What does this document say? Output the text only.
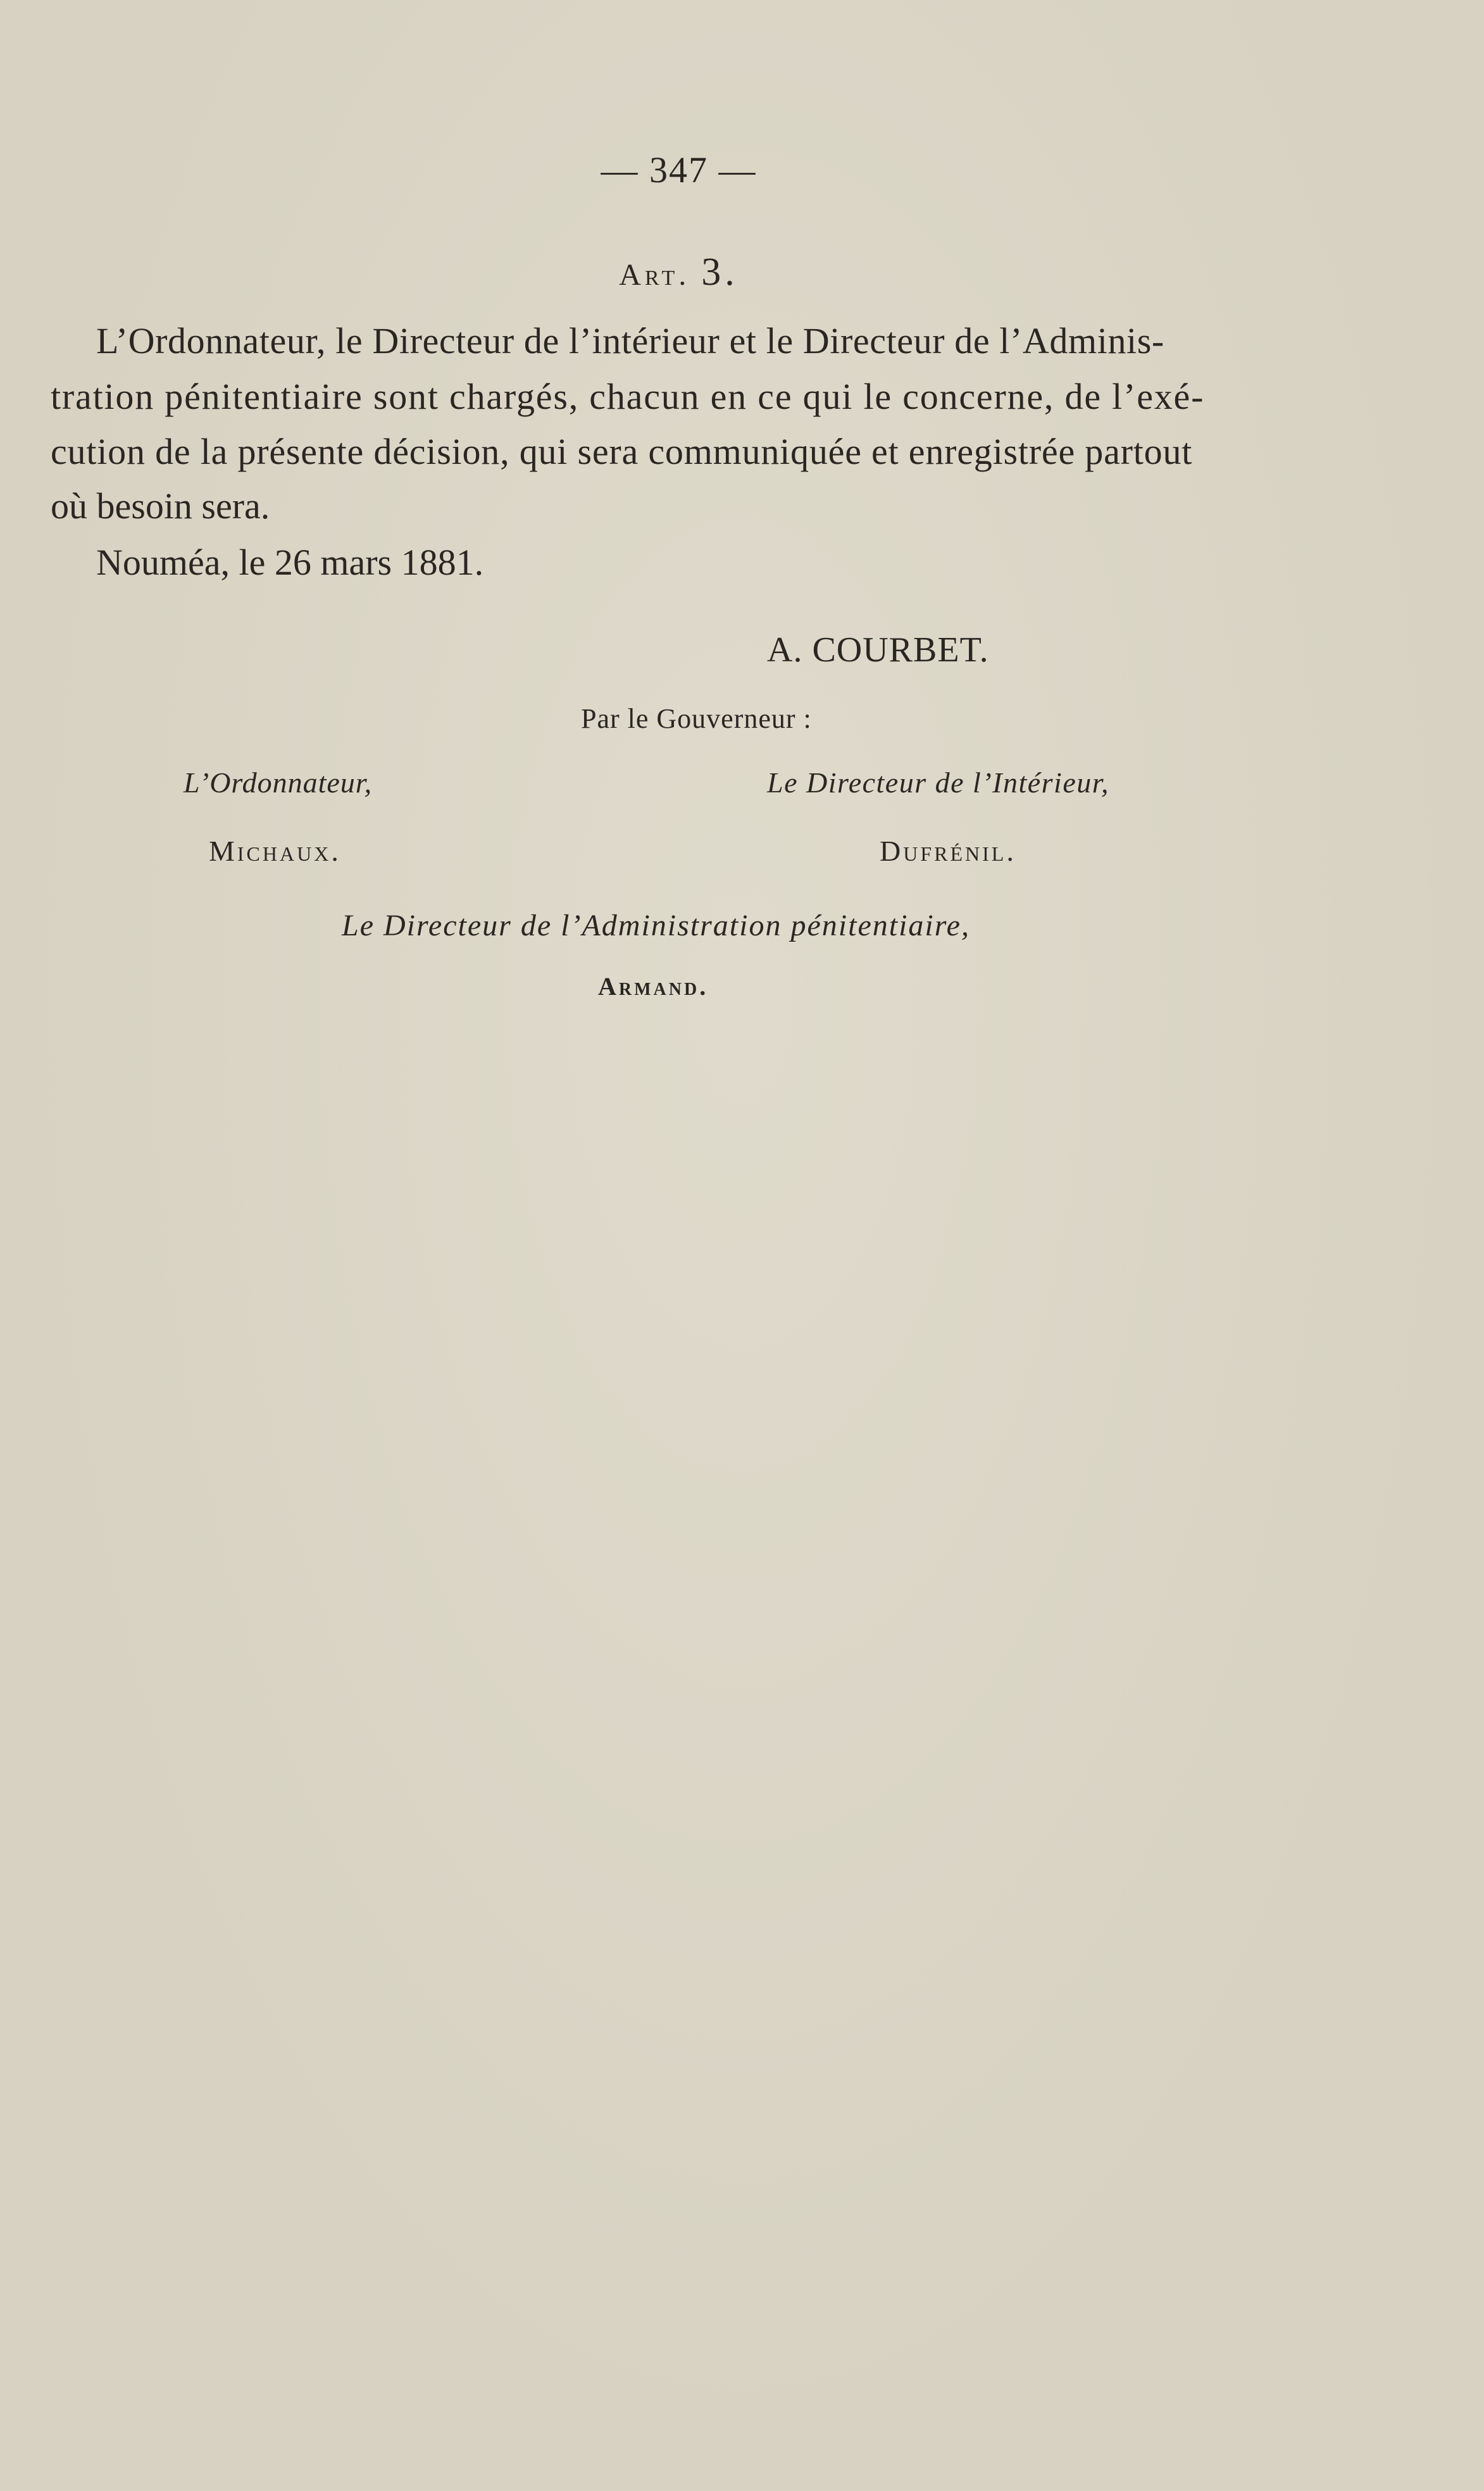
— 347 —
Art. 3.
L’Ordonnateur, le Directeur de l’intérieur et le Directeur de l’Adminis-
tration pénitentiaire sont chargés, chacun en ce qui le concerne, de l’exé-
cution de la présente décision, qui sera communiquée et enregistrée partout
où besoin sera.
Nouméa, le 26 mars 1881.
A. COURBET.
Par le Gouverneur :
L’Ordonnateur,	Le Directeur de l’Intérieur,
Michaux.	Dufrénil.
Le Directeur de l’Administration pénitentiaire,
Armand.
